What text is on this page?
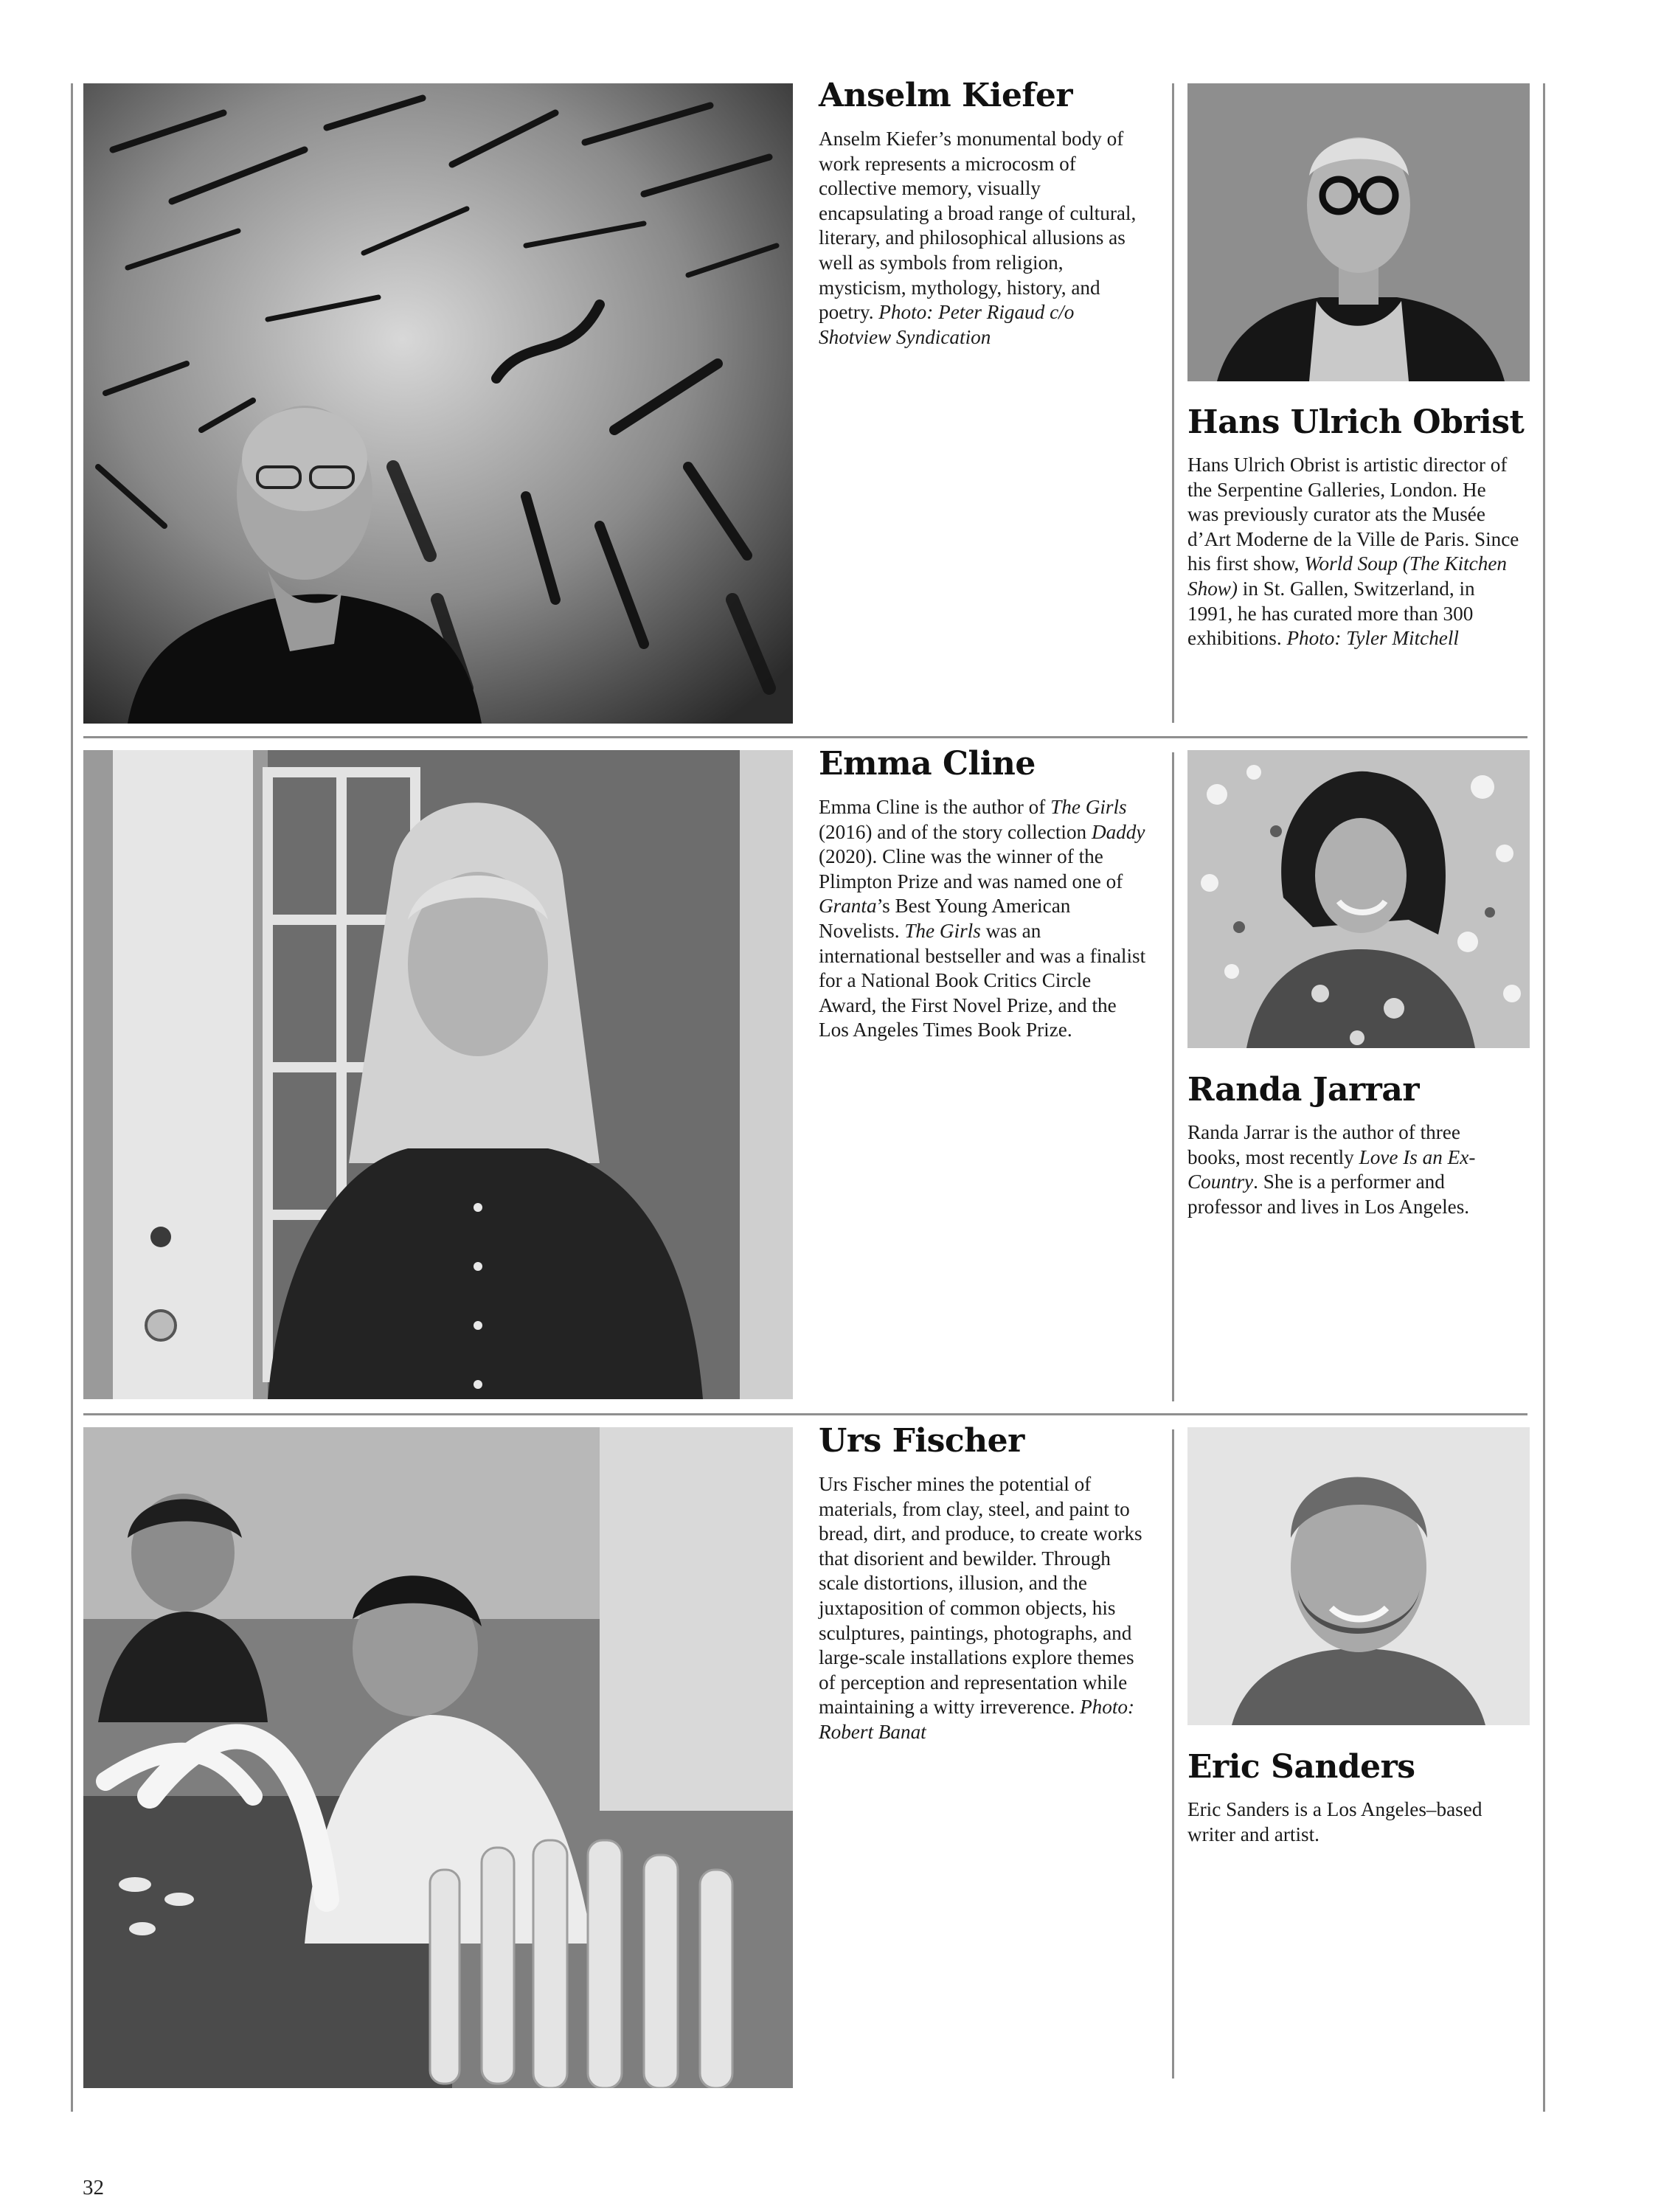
Anselm Kiefer

Anselm Kiefer’s monumental body of work represents a microcosm of collective memory, visually encapsulating a broad range of cultural, literary, and philosophical allusions as well as symbols from religion, mysticism, mythology, history, and poetry. Photo: Peter Rigaud c/o Shotview Syndication

Hans Ulrich Obrist

Hans Ulrich Obrist is artistic director of the Serpentine Galleries, London. He was previously curator ats the Musée d’Art Moderne de la Ville de Paris. Since his first show, World Soup (The Kitchen Show) in St. Gallen, Switzerland, in 1991, he has curated more than 300 exhibitions. Photo: Tyler Mitchell

Emma Cline

Emma Cline is the author of The Girls (2016) and of the story collection Daddy (2020). Cline was the winner of the Plimpton Prize and was named one of Granta’s Best Young American Novelists. The Girls was an international bestseller and was a finalist for a National Book Critics Circle Award, the First Novel Prize, and the Los Angeles Times Book Prize.

Randa Jarrar

Randa Jarrar is the author of three books, most recently Love Is an Ex-Country. She is a performer and professor and lives in Los Angeles.

Urs Fischer

Urs Fischer mines the potential of materials, from clay, steel, and paint to bread, dirt, and produce, to create works that disorient and bewilder. Through scale distortions, illusion, and the juxtaposition of common objects, his sculptures, paintings, photographs, and large-scale installations explore themes of perception and representation while maintaining a witty irreverence. Photo: Robert Banat

Eric Sanders

Eric Sanders is a Los Angeles–based writer and artist.

32
